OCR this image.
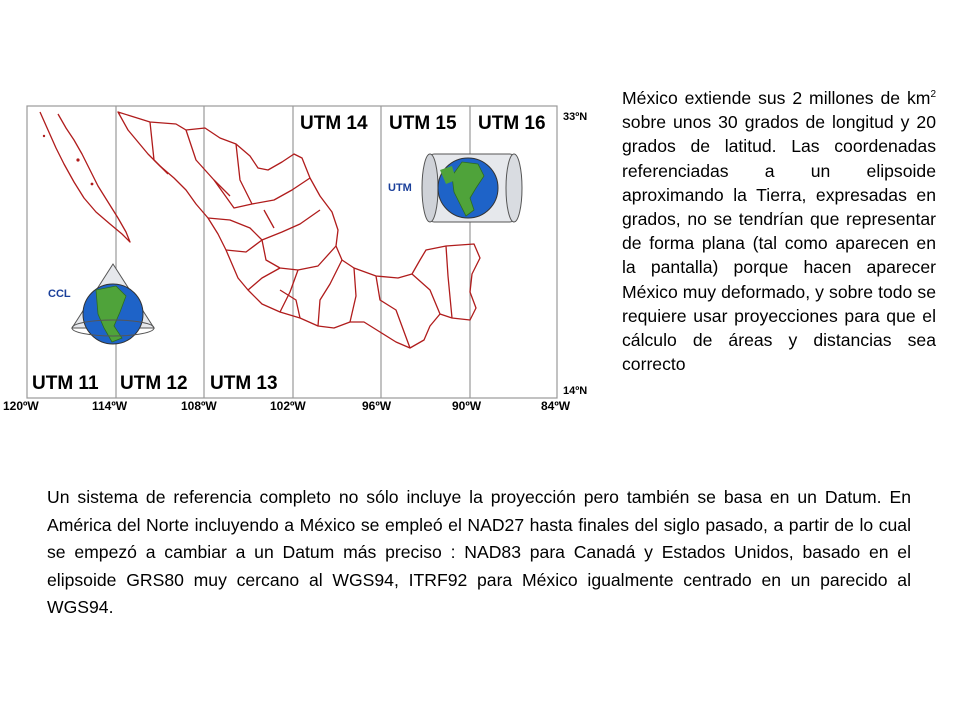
UTM
CCL
UTM 14 UTM 15 UTM 16
UTM 11 UTM 12 UTM 13
33ºN
14ºN
120ºW	114ºW	108ºW	102ºW	96ºW	90ºW	84ºW
México extiende sus 2 millones de $km^2$ sobre unos 30 grados de longitud y 20 grados de latitud. Las coordenadas referenciadas a un elipsoide aproximando la Tierra, expresadas en grados, no se tendrían que representar de forma plana (tal como aparecen en la pantalla) porque hacen aparecer México muy deformado, y sobre todo se requiere usar proyecciones para que el cálculo de áreas y distancias sea correcto
Un sistema de referencia completo no sólo incluye la proyección pero también se basa en un Datum. En América del Norte incluyendo a México se empleó el NAD27 hasta finales del siglo pasado, a partir de lo cual se empezó a cambiar a un Datum más preciso : NAD83 para Canadá y Estados Unidos, basado en el elipsoide GRS80 muy cercano al WGS94, ITRF92 para México igualmente centrado en un parecido al WGS94.
